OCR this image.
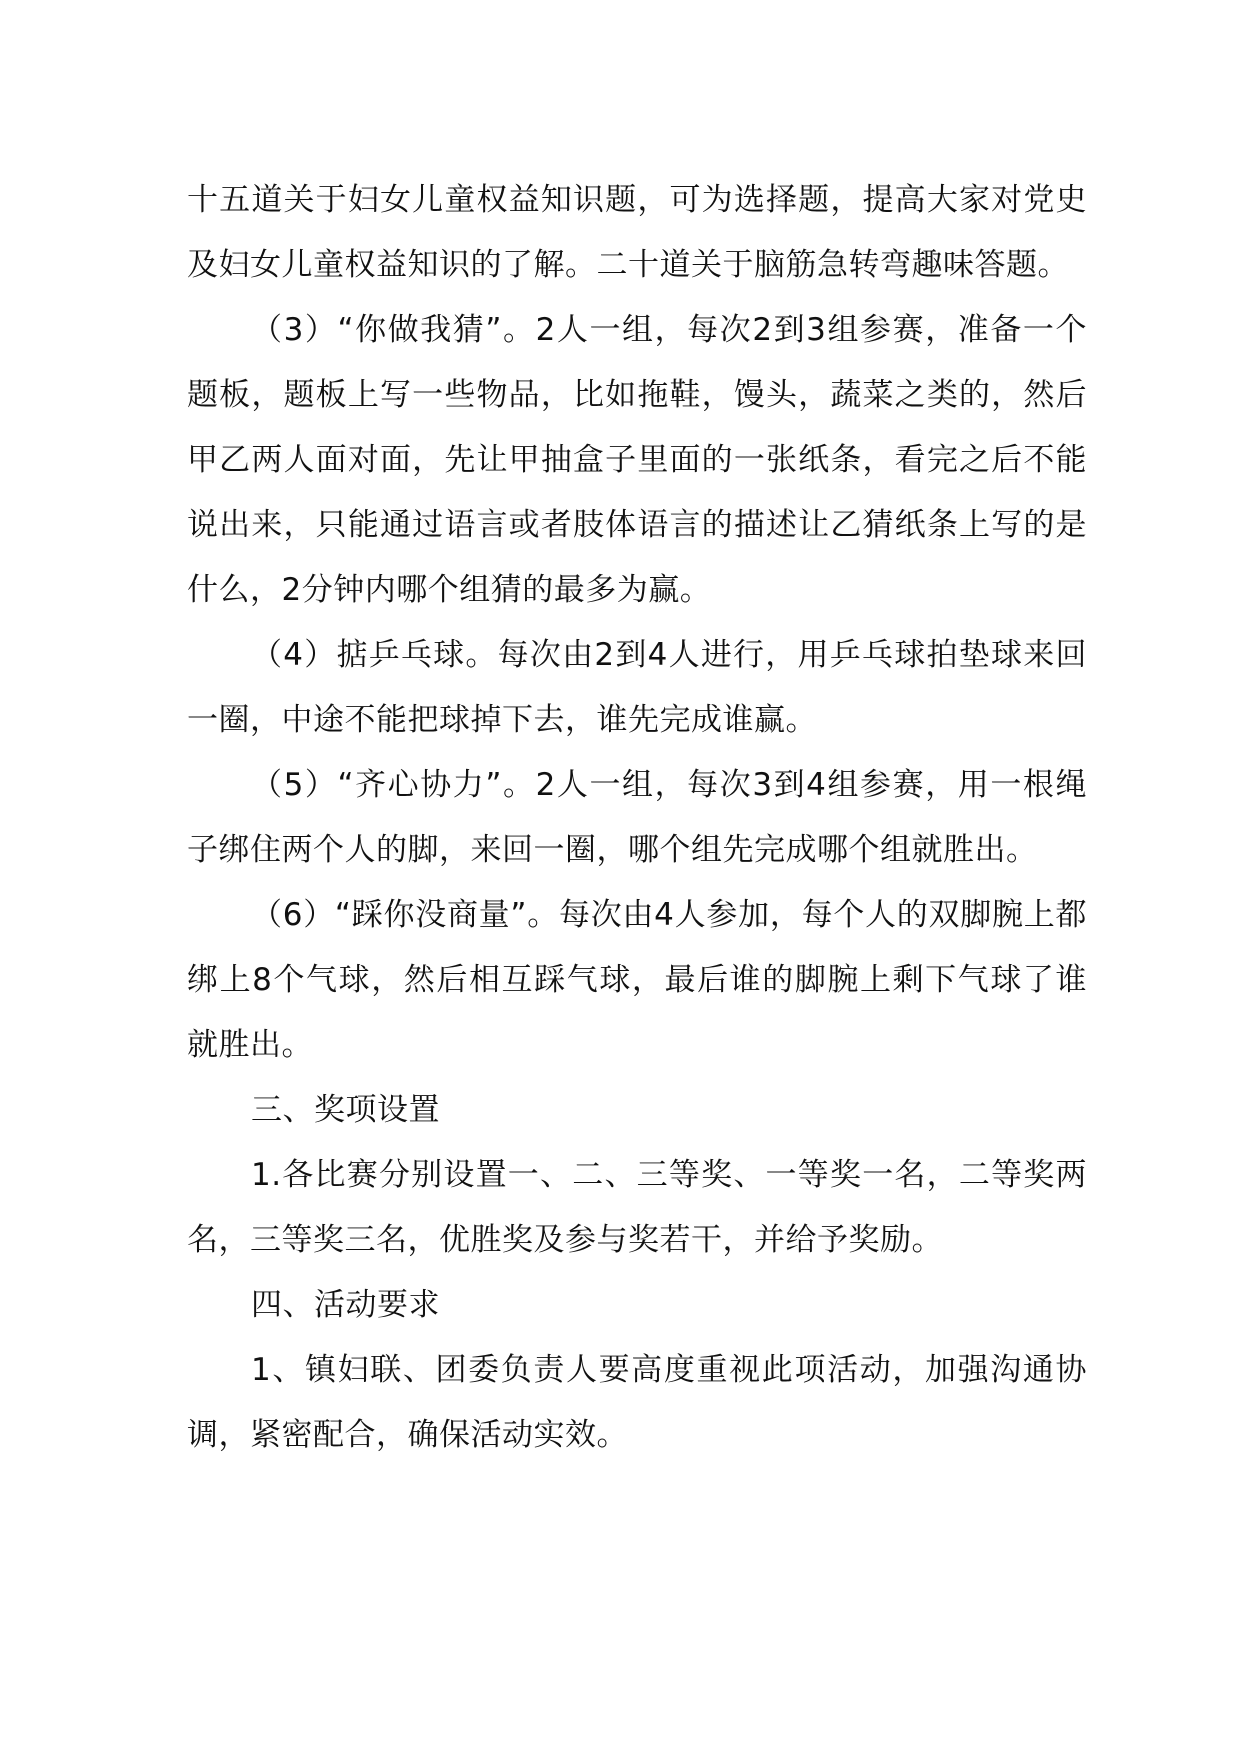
十五道关于妇女儿童权益知识题，可为选择题，提高大家对党史及妇女儿童权益知识的了解。二十道关于脑筋急转弯趣味答题。

（3）“你做我猜”。2人一组，每次2到3组参赛，准备一个题板，题板上写一些物品，比如拖鞋，馒头，蔬菜之类的，然后甲乙两人面对面，先让甲抽盒子里面的一张纸条，看完之后不能说出来，只能通过语言或者肢体语言的描述让乙猜纸条上写的是什么，2分钟内哪个组猜的最多为赢。

（4）掂乒乓球。每次由2到4人进行，用乒乓球拍垫球来回一圈，中途不能把球掉下去，谁先完成谁赢。

（5）“齐心协力”。2人一组，每次3到4组参赛，用一根绳子绑住两个人的脚，来回一圈，哪个组先完成哪个组就胜出。

（6）“踩你没商量”。每次由4人参加，每个人的双脚腕上都绑上8个气球，然后相互踩气球，最后谁的脚腕上剩下气球了谁就胜出。

三、奖项设置

1.各比赛分别设置一、二、三等奖、一等奖一名，二等奖两名，三等奖三名，优胜奖及参与奖若干，并给予奖励。

四、活动要求

1、镇妇联、团委负责人要高度重视此项活动，加强沟通协调，紧密配合，确保活动实效。
